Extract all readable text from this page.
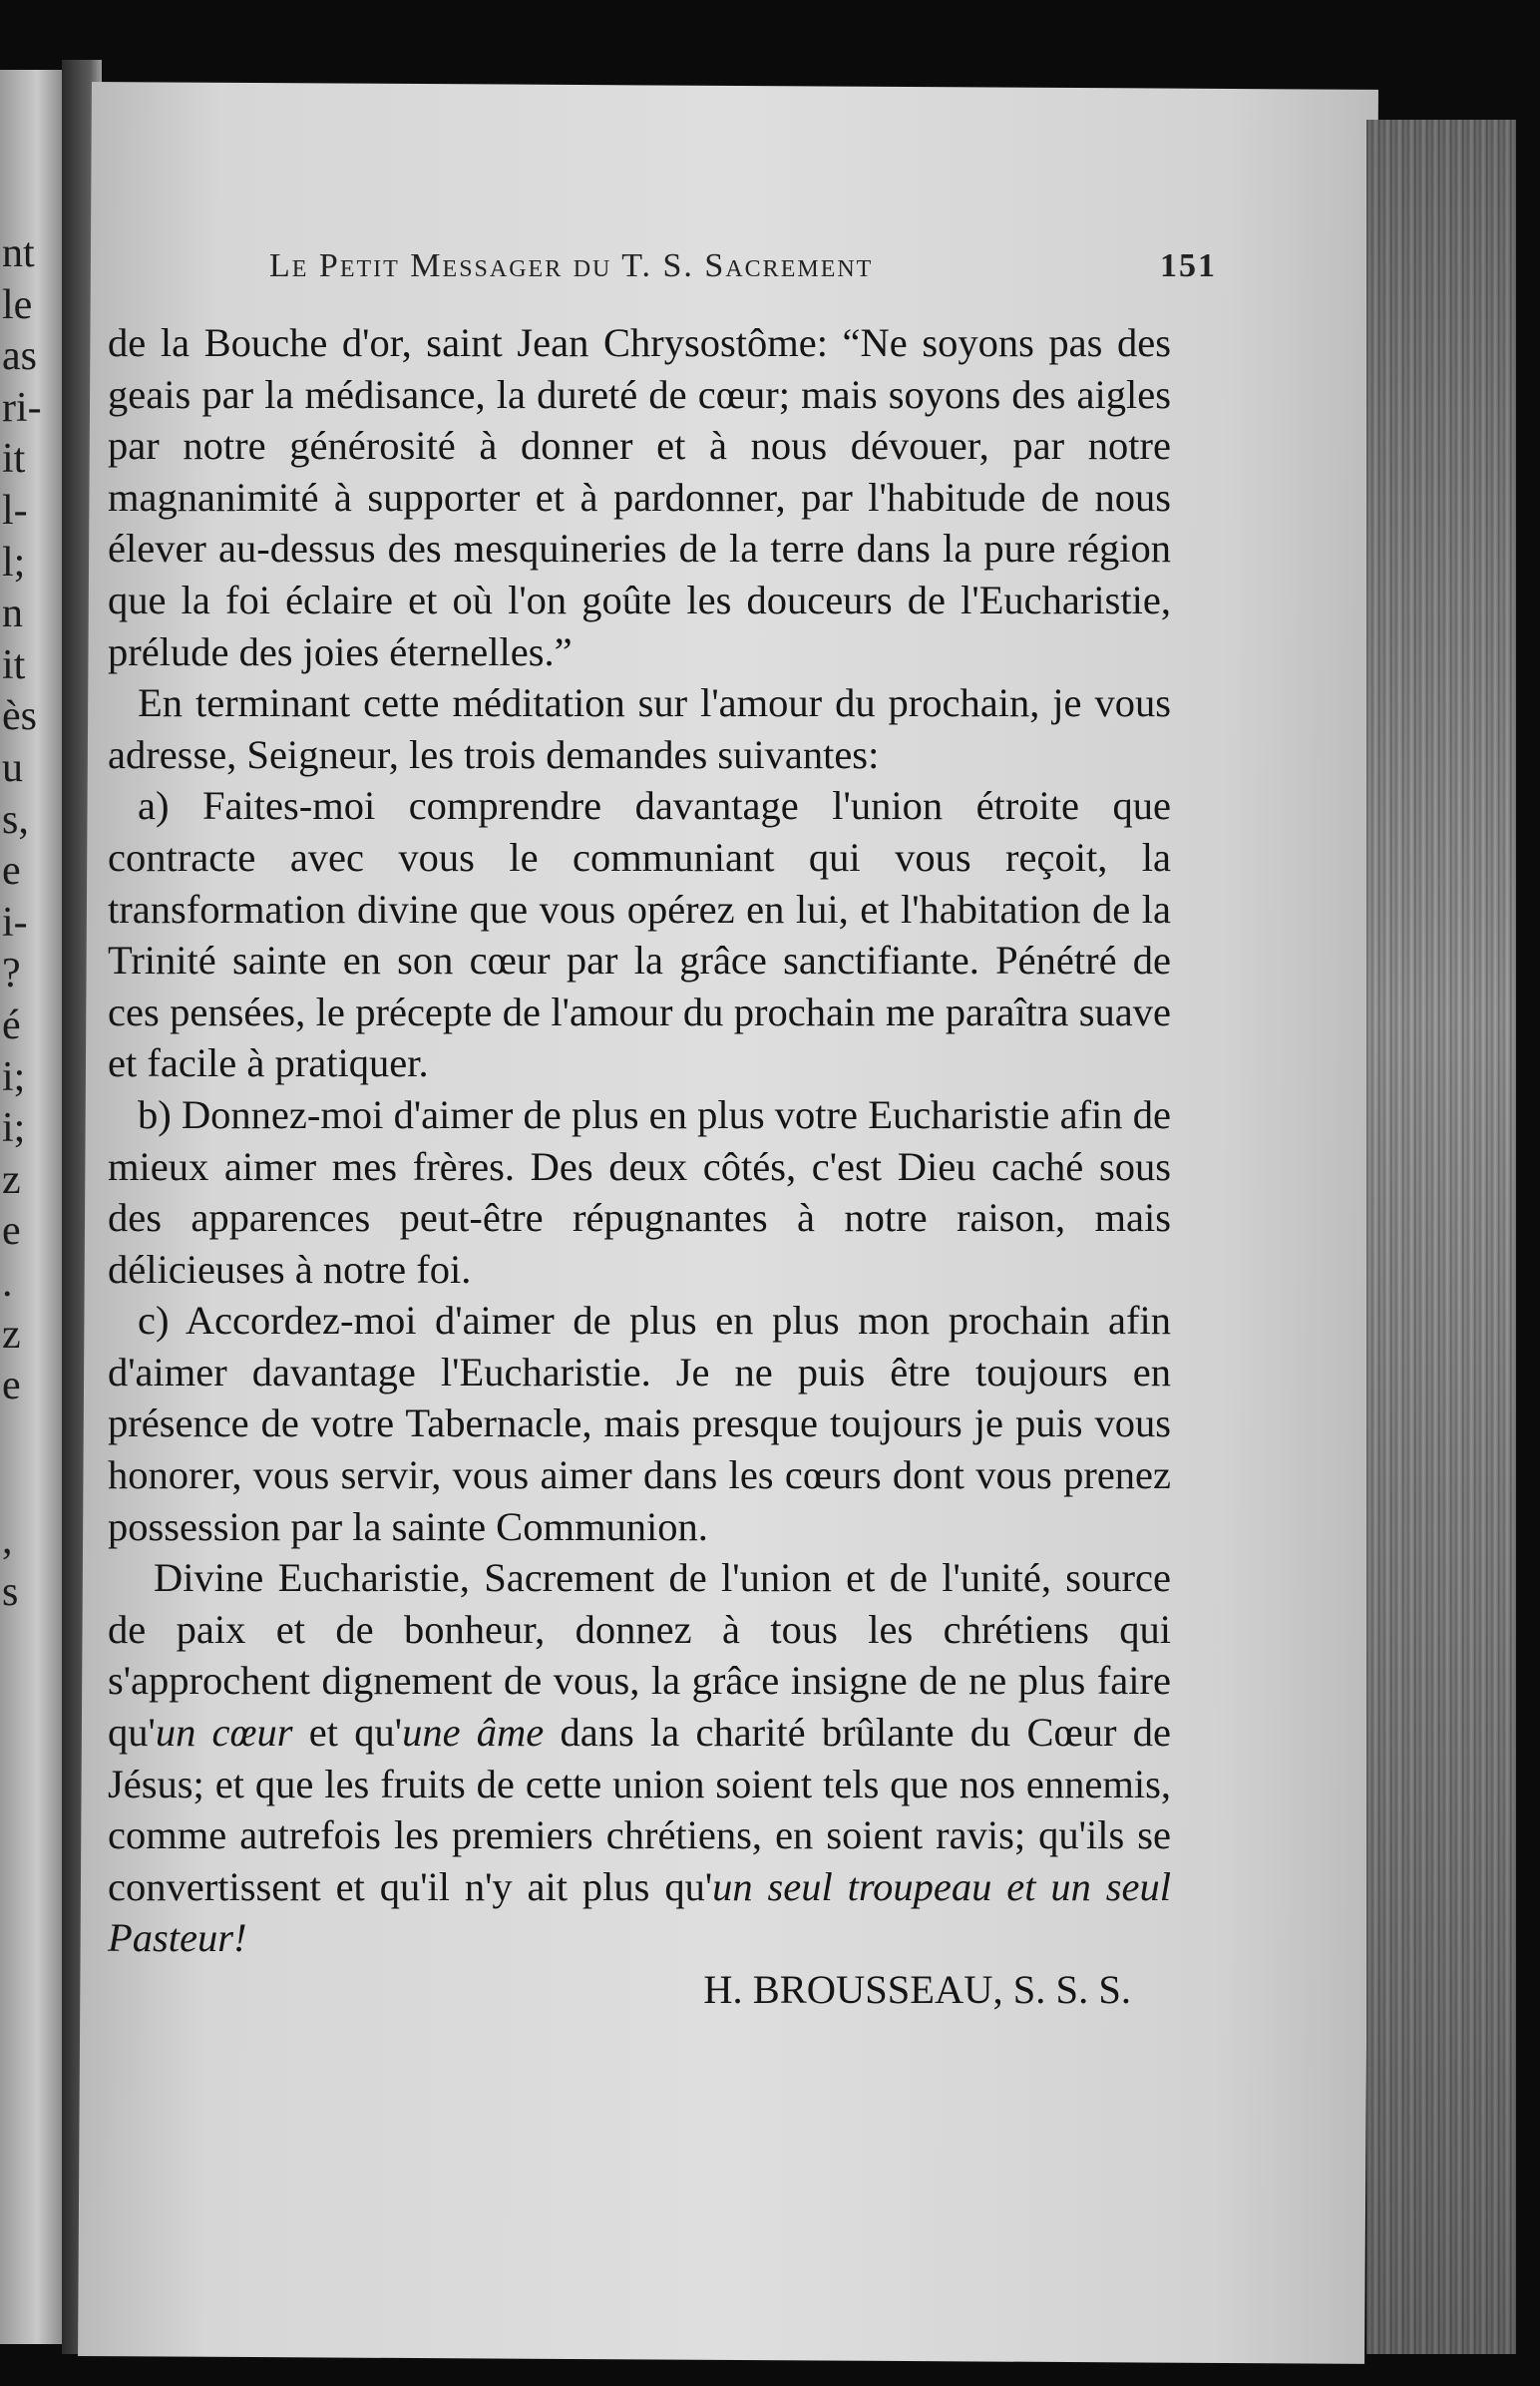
nt
le
as
ri-
it
l-
l;
n
it
ès
u
s,
e
i-
?
é
i;
i;
z
e
.
z
e
,
s
Le Petit Messager du T. S. Sacrement	151

de la Bouche d'or, saint Jean Chrysostôme: “Ne soyons pas des geais par la médisance, la dureté de cœur; mais soyons des aigles par notre générosité à donner et à nous dévouer, par notre magnanimité à supporter et à pardonner, par l'habitude de nous élever au-dessus des mesquineries de la terre dans la pure région que la foi éclaire et où l'on goûte les douceurs de l'Eucharistie, prélude des joies éternelles.”

En terminant cette méditation sur l'amour du prochain, je vous adresse, Seigneur, les trois demandes suivantes:

a) Faites-moi comprendre davantage l'union étroite que contracte avec vous le communiant qui vous reçoit, la transformation divine que vous opérez en lui, et l'habitation de la Trinité sainte en son cœur par la grâce sanctifiante. Pénétré de ces pensées, le précepte de l'amour du prochain me paraîtra suave et facile à pratiquer.

b) Donnez-moi d'aimer de plus en plus votre Eucharistie afin de mieux aimer mes frères. Des deux côtés, c'est Dieu caché sous des apparences peut-être répugnantes à notre raison, mais délicieuses à notre foi.

c) Accordez-moi d'aimer de plus en plus mon prochain afin d'aimer davantage l'Eucharistie. Je ne puis être toujours en présence de votre Tabernacle, mais presque toujours je puis vous honorer, vous servir, vous aimer dans les cœurs dont vous prenez possession par la sainte Communion.

Divine Eucharistie, Sacrement de l'union et de l'unité, source de paix et de bonheur, donnez à tous les chrétiens qui s'approchent dignement de vous, la grâce insigne de ne plus faire qu'un cœur et qu'une âme dans la charité brûlante du Cœur de Jésus; et que les fruits de cette union soient tels que nos ennemis, comme autrefois les premiers chrétiens, en soient ravis; qu'ils se convertissent et qu'il n'y ait plus qu'un seul troupeau et un seul Pasteur!

H. BROUSSEAU, S. S. S.
